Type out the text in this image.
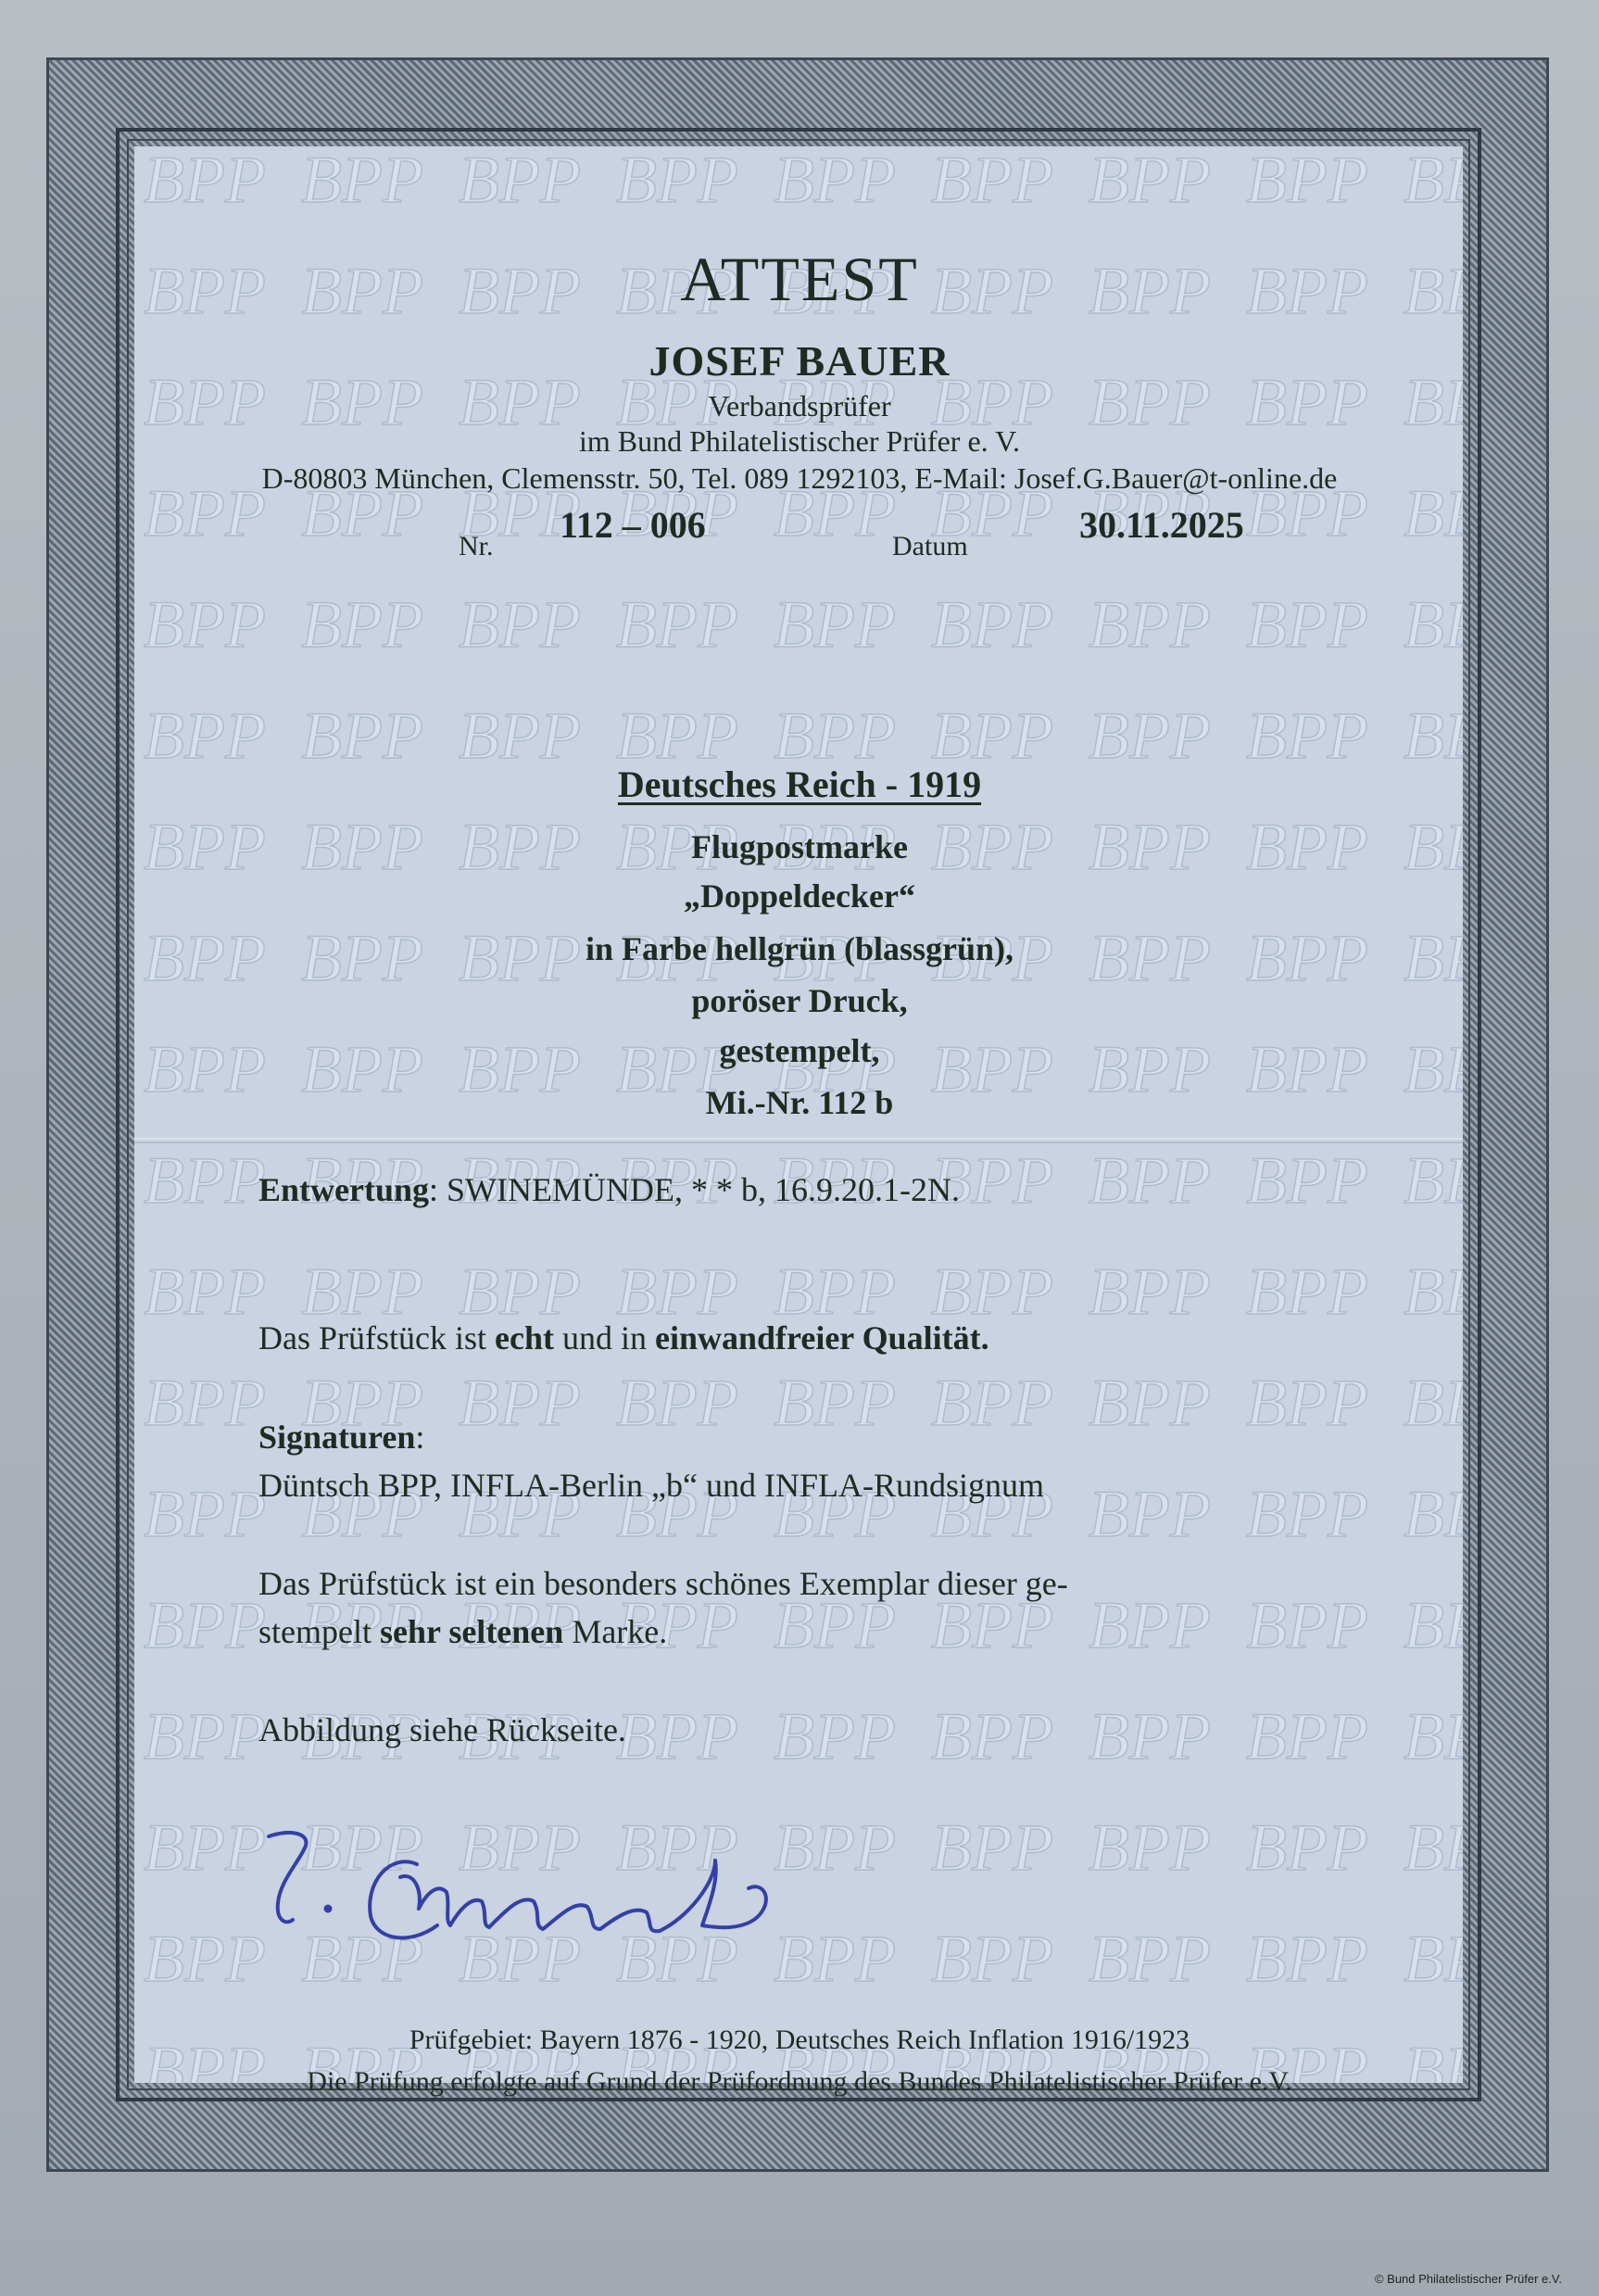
ATTEST
JOSEF BAUER
Verbandsprüfer
im Bund Philatelistischer Prüfer e. V.
D-80803 München, Clemensstr. 50, Tel. 089 1292103, E-Mail: Josef.G.Bauer@t-online.de
Nr.
112 – 006
Datum
30.11.2025
Deutsches Reich - 1919
Flugpostmarke
„Doppeldecker“
in Farbe hellgrün (blassgrün),
poröser Druck,
gestempelt,
Mi.-Nr. 112 b
Entwertung: SWINEMÜNDE, * * b, 16.9.20.1-2N.
Das Prüfstück ist echt und in einwandfreier Qualität.
Signaturen:
Düntsch BPP, INFLA-Berlin „b“ und INFLA-Rundsignum
Das Prüfstück ist ein besonders schönes Exemplar dieser ge-
stempelt sehr seltenen Marke.
Abbildung siehe Rückseite.
Prüfgebiet: Bayern 1876 - 1920, Deutsches Reich Inflation 1916/1923
Die Prüfung erfolgte auf Grund der Prüfordnung des Bundes Philatelistischer Prüfer e.V.
© Bund Philatelistischer Prüfer e.V.
